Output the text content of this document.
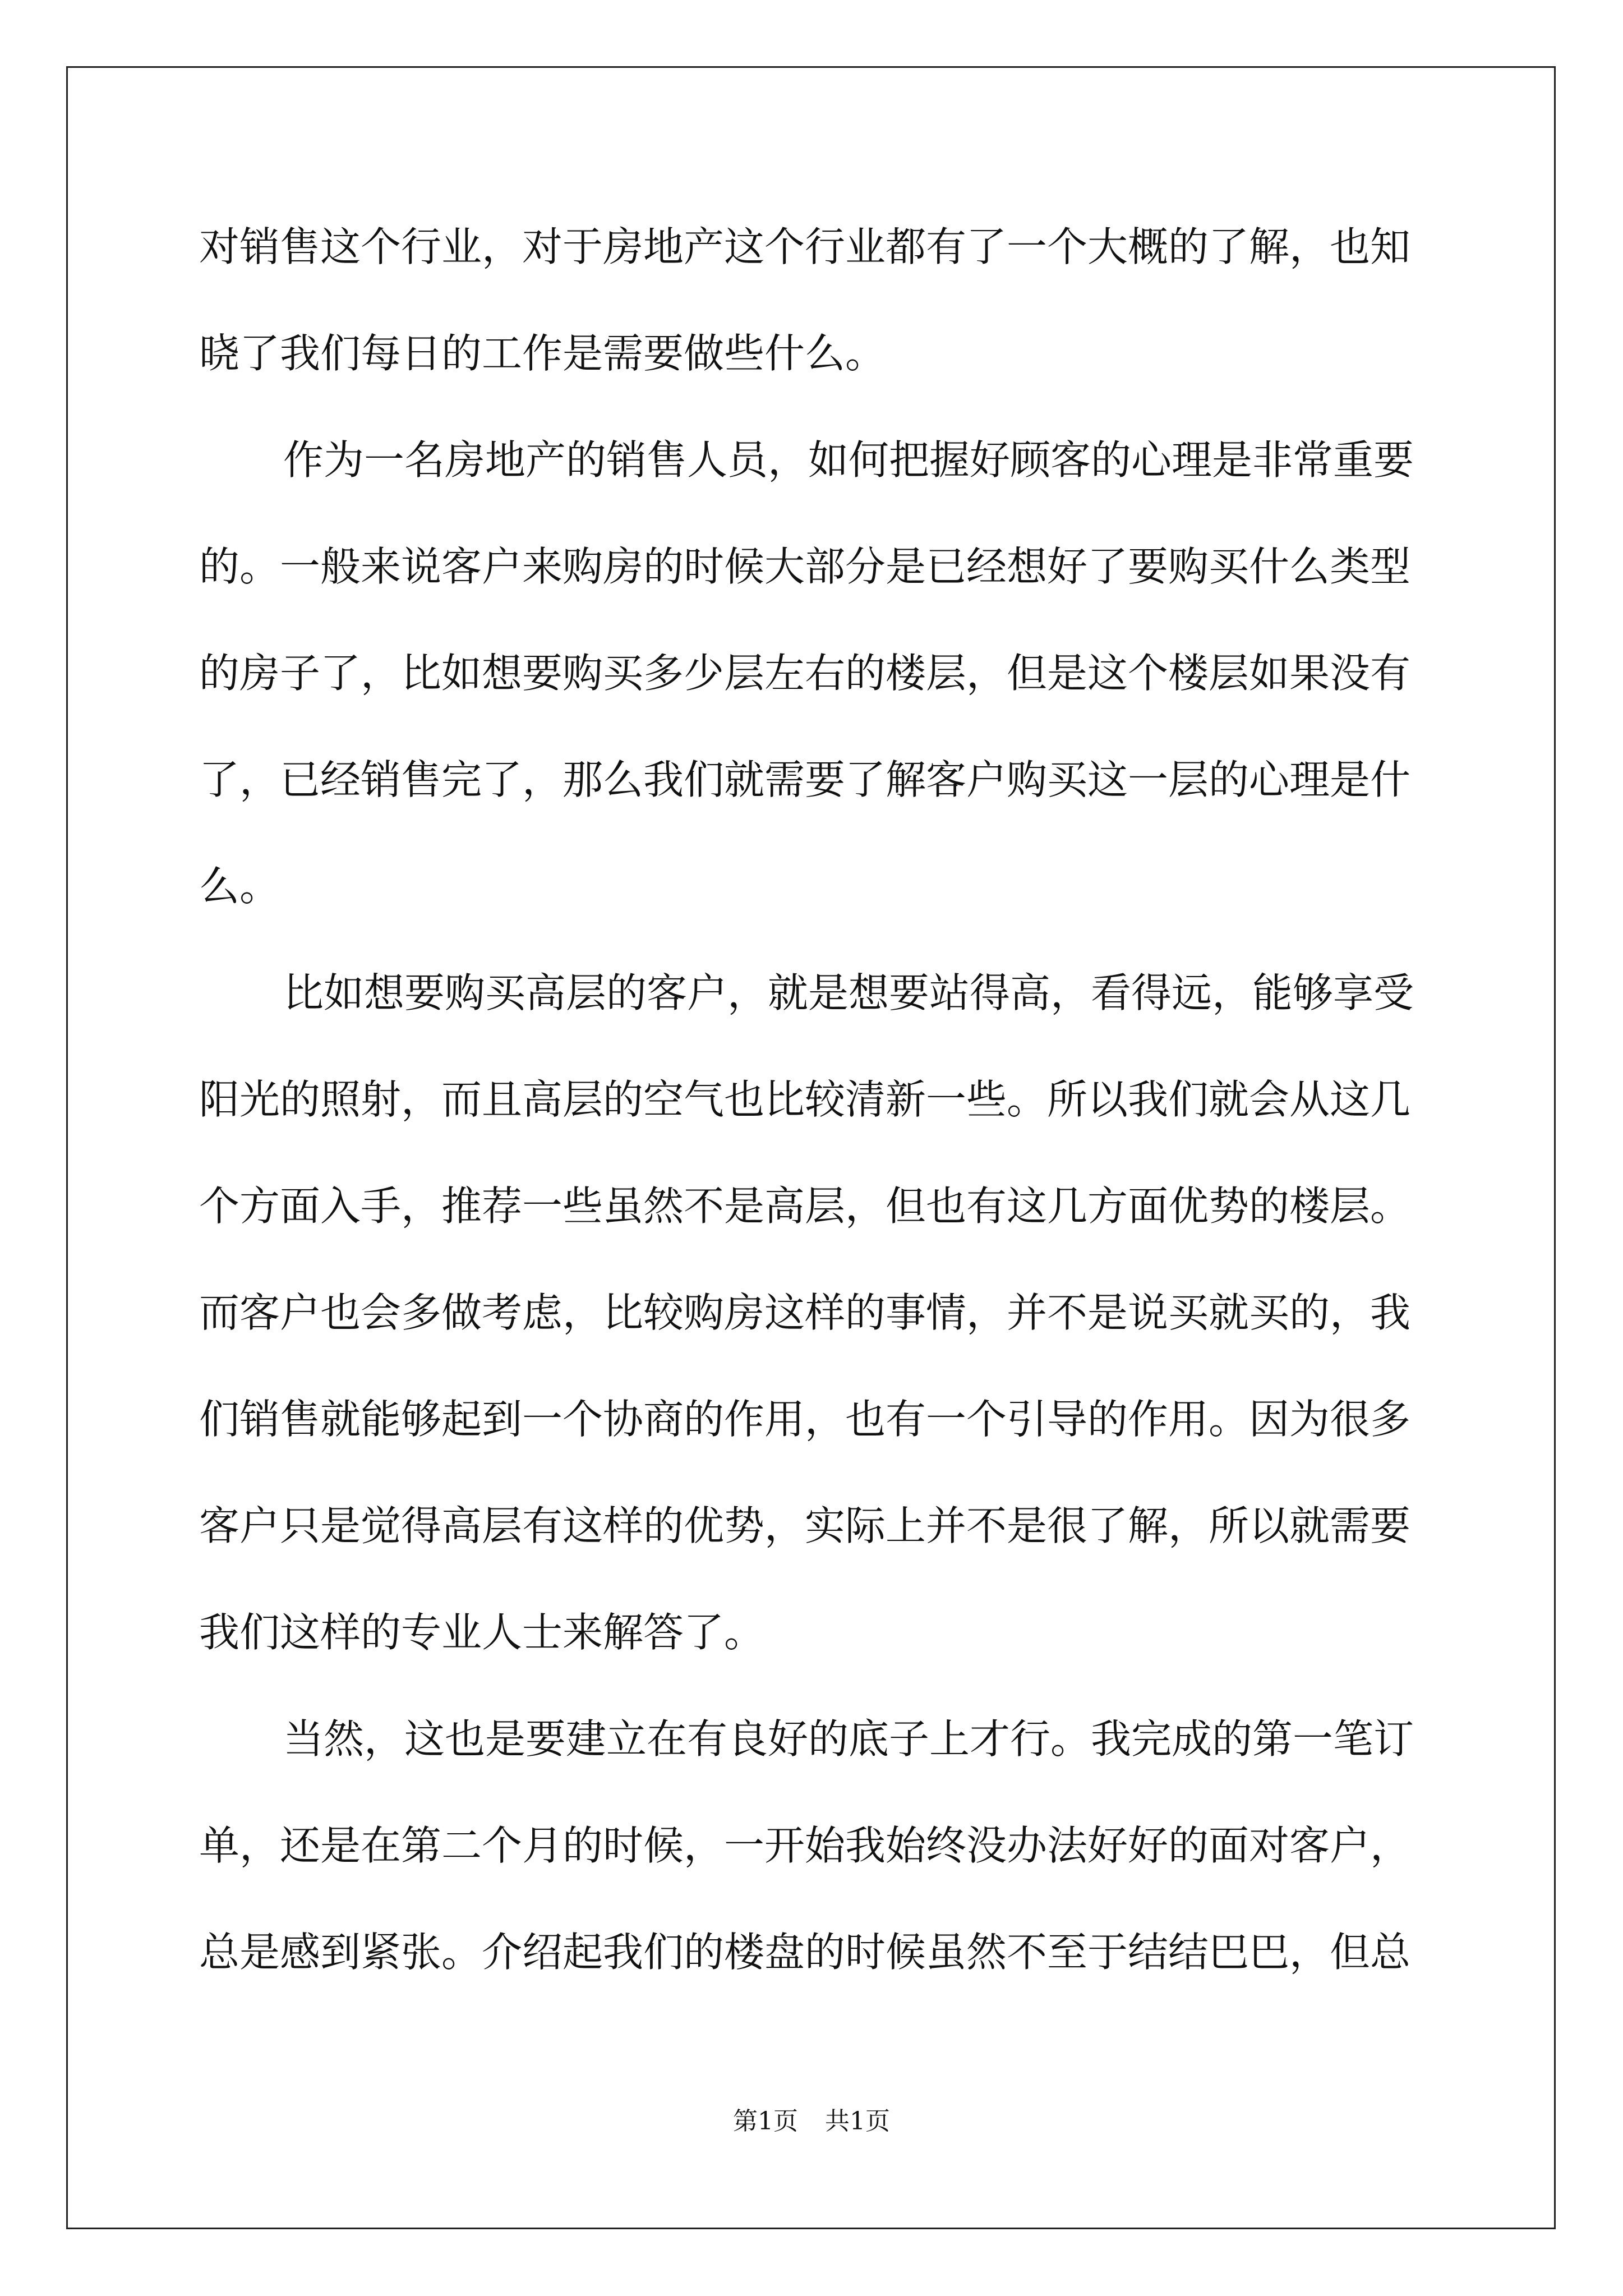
对销售这个行业，对于房地产这个行业都有了一个大概的了解，也知
晓了我们每日的工作是需要做些什么。
作为一名房地产的销售人员，如何把握好顾客的心理是非常重要
的。一般来说客户来购房的时候大部分是已经想好了要购买什么类型
的房子了，比如想要购买多少层左右的楼层，但是这个楼层如果没有
了，已经销售完了，那么我们就需要了解客户购买这一层的心理是什
么。
比如想要购买高层的客户，就是想要站得高，看得远，能够享受
阳光的照射，而且高层的空气也比较清新一些。所以我们就会从这几
个方面入手，推荐一些虽然不是高层，但也有这几方面优势的楼层。
而客户也会多做考虑，比较购房这样的事情，并不是说买就买的，我
们销售就能够起到一个协商的作用，也有一个引导的作用。因为很多
客户只是觉得高层有这样的优势，实际上并不是很了解，所以就需要
我们这样的专业人士来解答了。
当然，这也是要建立在有良好的底子上才行。我完成的第一笔订
单，还是在第二个月的时候，一开始我始终没办法好好的面对客户，
总是感到紧张。介绍起我们的楼盘的时候虽然不至于结结巴巴，但总
第1页 共1页
